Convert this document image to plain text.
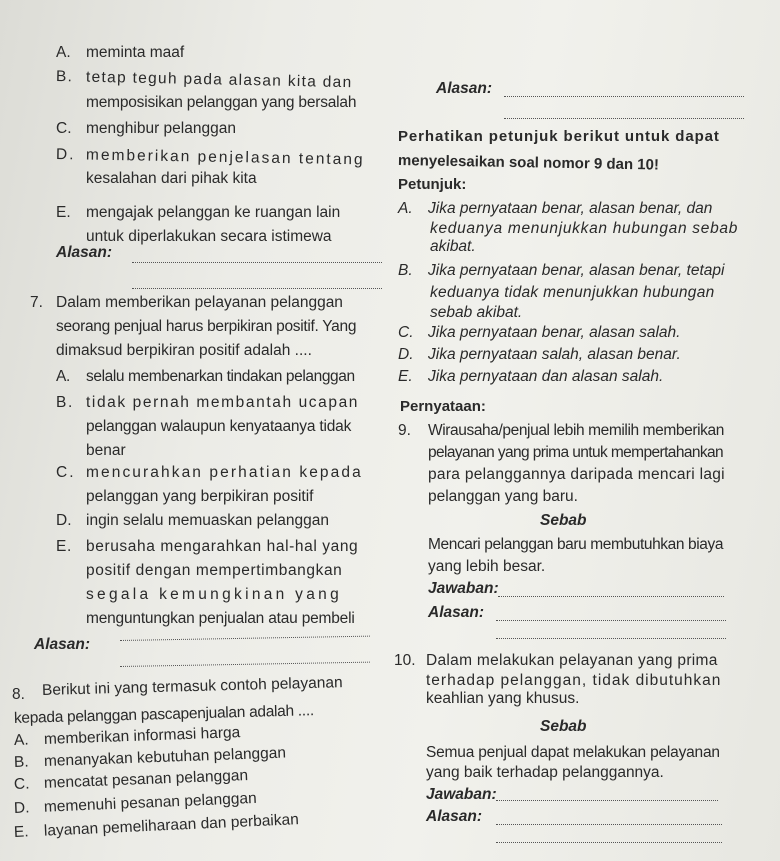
A. meminta maaf
B. tetap teguh pada alasan kita dan
memposisikan pelanggan yang bersalah
C. menghibur pelanggan
D. memberikan penjelasan tentang
kesalahan dari pihak kita
E. mengajak pelanggan ke ruangan lain
untuk diperlakukan secara istimewa
Alasan:
7. Dalam memberikan pelayanan pelanggan
seorang penjual harus berpikiran positif. Yang
dimaksud berpikiran positif adalah ....
A. selalu membenarkan tindakan pelanggan
B. tidak pernah membantah ucapan
pelanggan walaupun kenyataanya tidak
benar
C. mencurahkan perhatian kepada
pelanggan yang berpikiran positif
D. ingin selalu memuaskan pelanggan
E. berusaha mengarahkan hal-hal yang
positif dengan mempertimbangkan
segala kemungkinan yang
menguntungkan penjualan atau pembeli
Alasan:
8. Berikut ini yang termasuk contoh pelayanan
kepada pelanggan pascapenjualan adalah ....
A. memberikan informasi harga
B. menanyakan kebutuhan pelanggan
C. mencatat pesanan pelanggan
D. memenuhi pesanan pelanggan
E. layanan pemeliharaan dan perbaikan
Alasan:
Perhatikan petunjuk berikut untuk dapat
menyelesaikan soal nomor 9 dan 10!
Petunjuk:
A. Jika pernyataan benar, alasan benar, dan
keduanya menunjukkan hubungan sebab
akibat.
B. Jika pernyataan benar, alasan benar, tetapi
keduanya tidak menunjukkan hubungan
sebab akibat.
C. Jika pernyataan benar, alasan salah.
D. Jika pernyataan salah, alasan benar.
E. Jika pernyataan dan alasan salah.
Pernyataan:
9. Wirausaha/penjual lebih memilih memberikan
pelayanan yang prima untuk mempertahankan
para pelanggannya daripada mencari lagi
pelanggan yang baru.
Sebab
Mencari pelanggan baru membutuhkan biaya
yang lebih besar.
Jawaban:
Alasan:
10. Dalam melakukan pelayanan yang prima
terhadap pelanggan, tidak dibutuhkan
keahlian yang khusus.
Sebab
Semua penjual dapat melakukan pelayanan
yang baik terhadap pelanggannya.
Jawaban:
Alasan:
